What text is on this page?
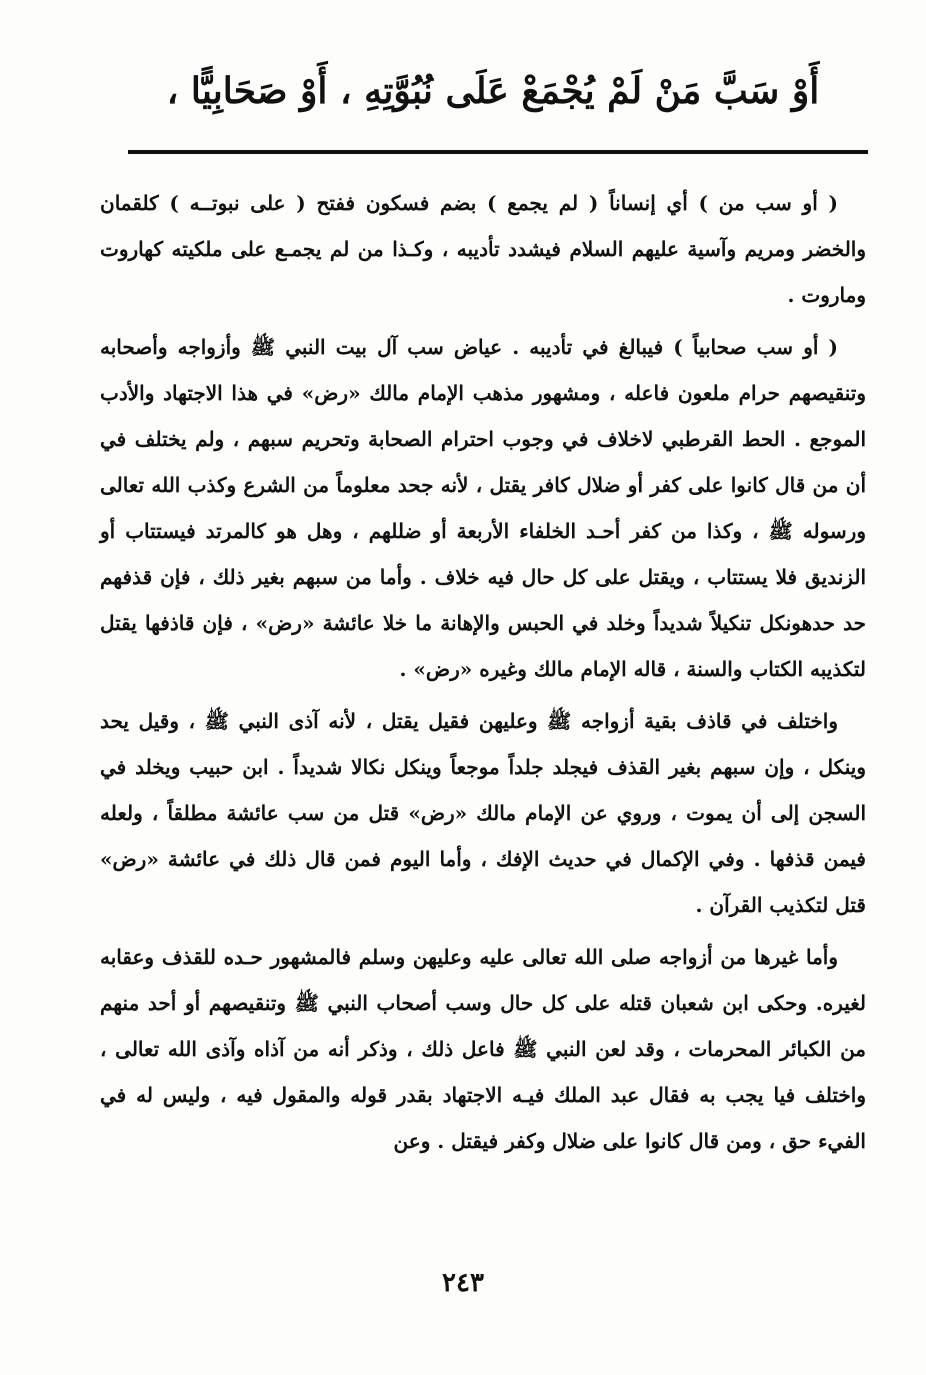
أَوْ سَبَّ مَنْ لَمْ يُجْمَعْ عَلَى نُبُوَّتِهِ ، أَوْ صَحَابِيًّا ،

( أو سب من ) أي إنساناً ( لم يجمع ) بضم فسكون ففتح ( على نبوتــه ) كلقمان والخضر ومريم وآسية عليهم السلام فيشدد تأديبه ، وكـذا من لم يجمـع على ملكيته كهاروت وماروت .

( أو سب صحابياً ) فيبالغ في تأديبه . عياض سب آل بيت النبي ﷺ وأزواجه وأصحابه وتنقيصهم حرام ملعون فاعله ، ومشهور مذهب الإمام مالك «رض» في هذا الاجتهاد والأدب الموجع . الحط القرطبي لاخلاف في وجوب احترام الصحابة وتحريم سبهم ، ولم يختلف في أن من قال كانوا على كفر أو ضلال كافر يقتل ، لأنه جحد معلوماً من الشرع وكذب الله تعالى ورسوله ﷺ ، وكذا من كفر أحـد الخلفاء الأربعة أو ضللهم ، وهل هو كالمرتد فيستتاب أو الزنديق فلا يستتاب ، ويقتل على كل حال فيه خلاف . وأما من سبهم بغير ذلك ، فإن قذفهم حد حدهونكل تنكيلاً شديداً وخلد في الحبس والإهانة ما خلا عائشة «رض» ، فإن قاذفها يقتل لتكذيبه الكتاب والسنة ، قاله الإمام مالك وغيره «رض» .

واختلف في قاذف بقية أزواجه ﷺ وعليهن فقيل يقتل ، لأنه آذى النبي ﷺ ، وقيل يحد وينكل ، وإن سبهم بغير القذف فيجلد جلداً موجعاً وينكل نكالا شديداً . ابن حبيب ويخلد في السجن إلى أن يموت ، وروي عن الإمام مالك «رض» قتل من سب عائشة مطلقاً ، ولعله فيمن قذفها . وفي الإكمال في حديث الإفك ، وأما اليوم فمن قال ذلك في عائشة «رض» قتل لتكذيب القرآن .

وأما غيرها من أزواجه صلى الله تعالى عليه وعليهن وسلم فالمشهور حـده للقذف وعقابه لغيره. وحكى ابن شعبان قتله على كل حال وسب أصحاب النبي ﷺ وتنقيصهم أو أحد منهم من الكبائر المحرمات ، وقد لعن النبي ﷺ فاعل ذلك ، وذكر أنه من آذاه وآذى الله تعالى ، واختلف فيا يجب به فقال عبد الملك فيـه الاجتهاد بقدر قوله والمقول فيه ، وليس له في الفيء حق ، ومن قال كانوا على ضلال وكفر فيقتل . وعن

٢٤٣
